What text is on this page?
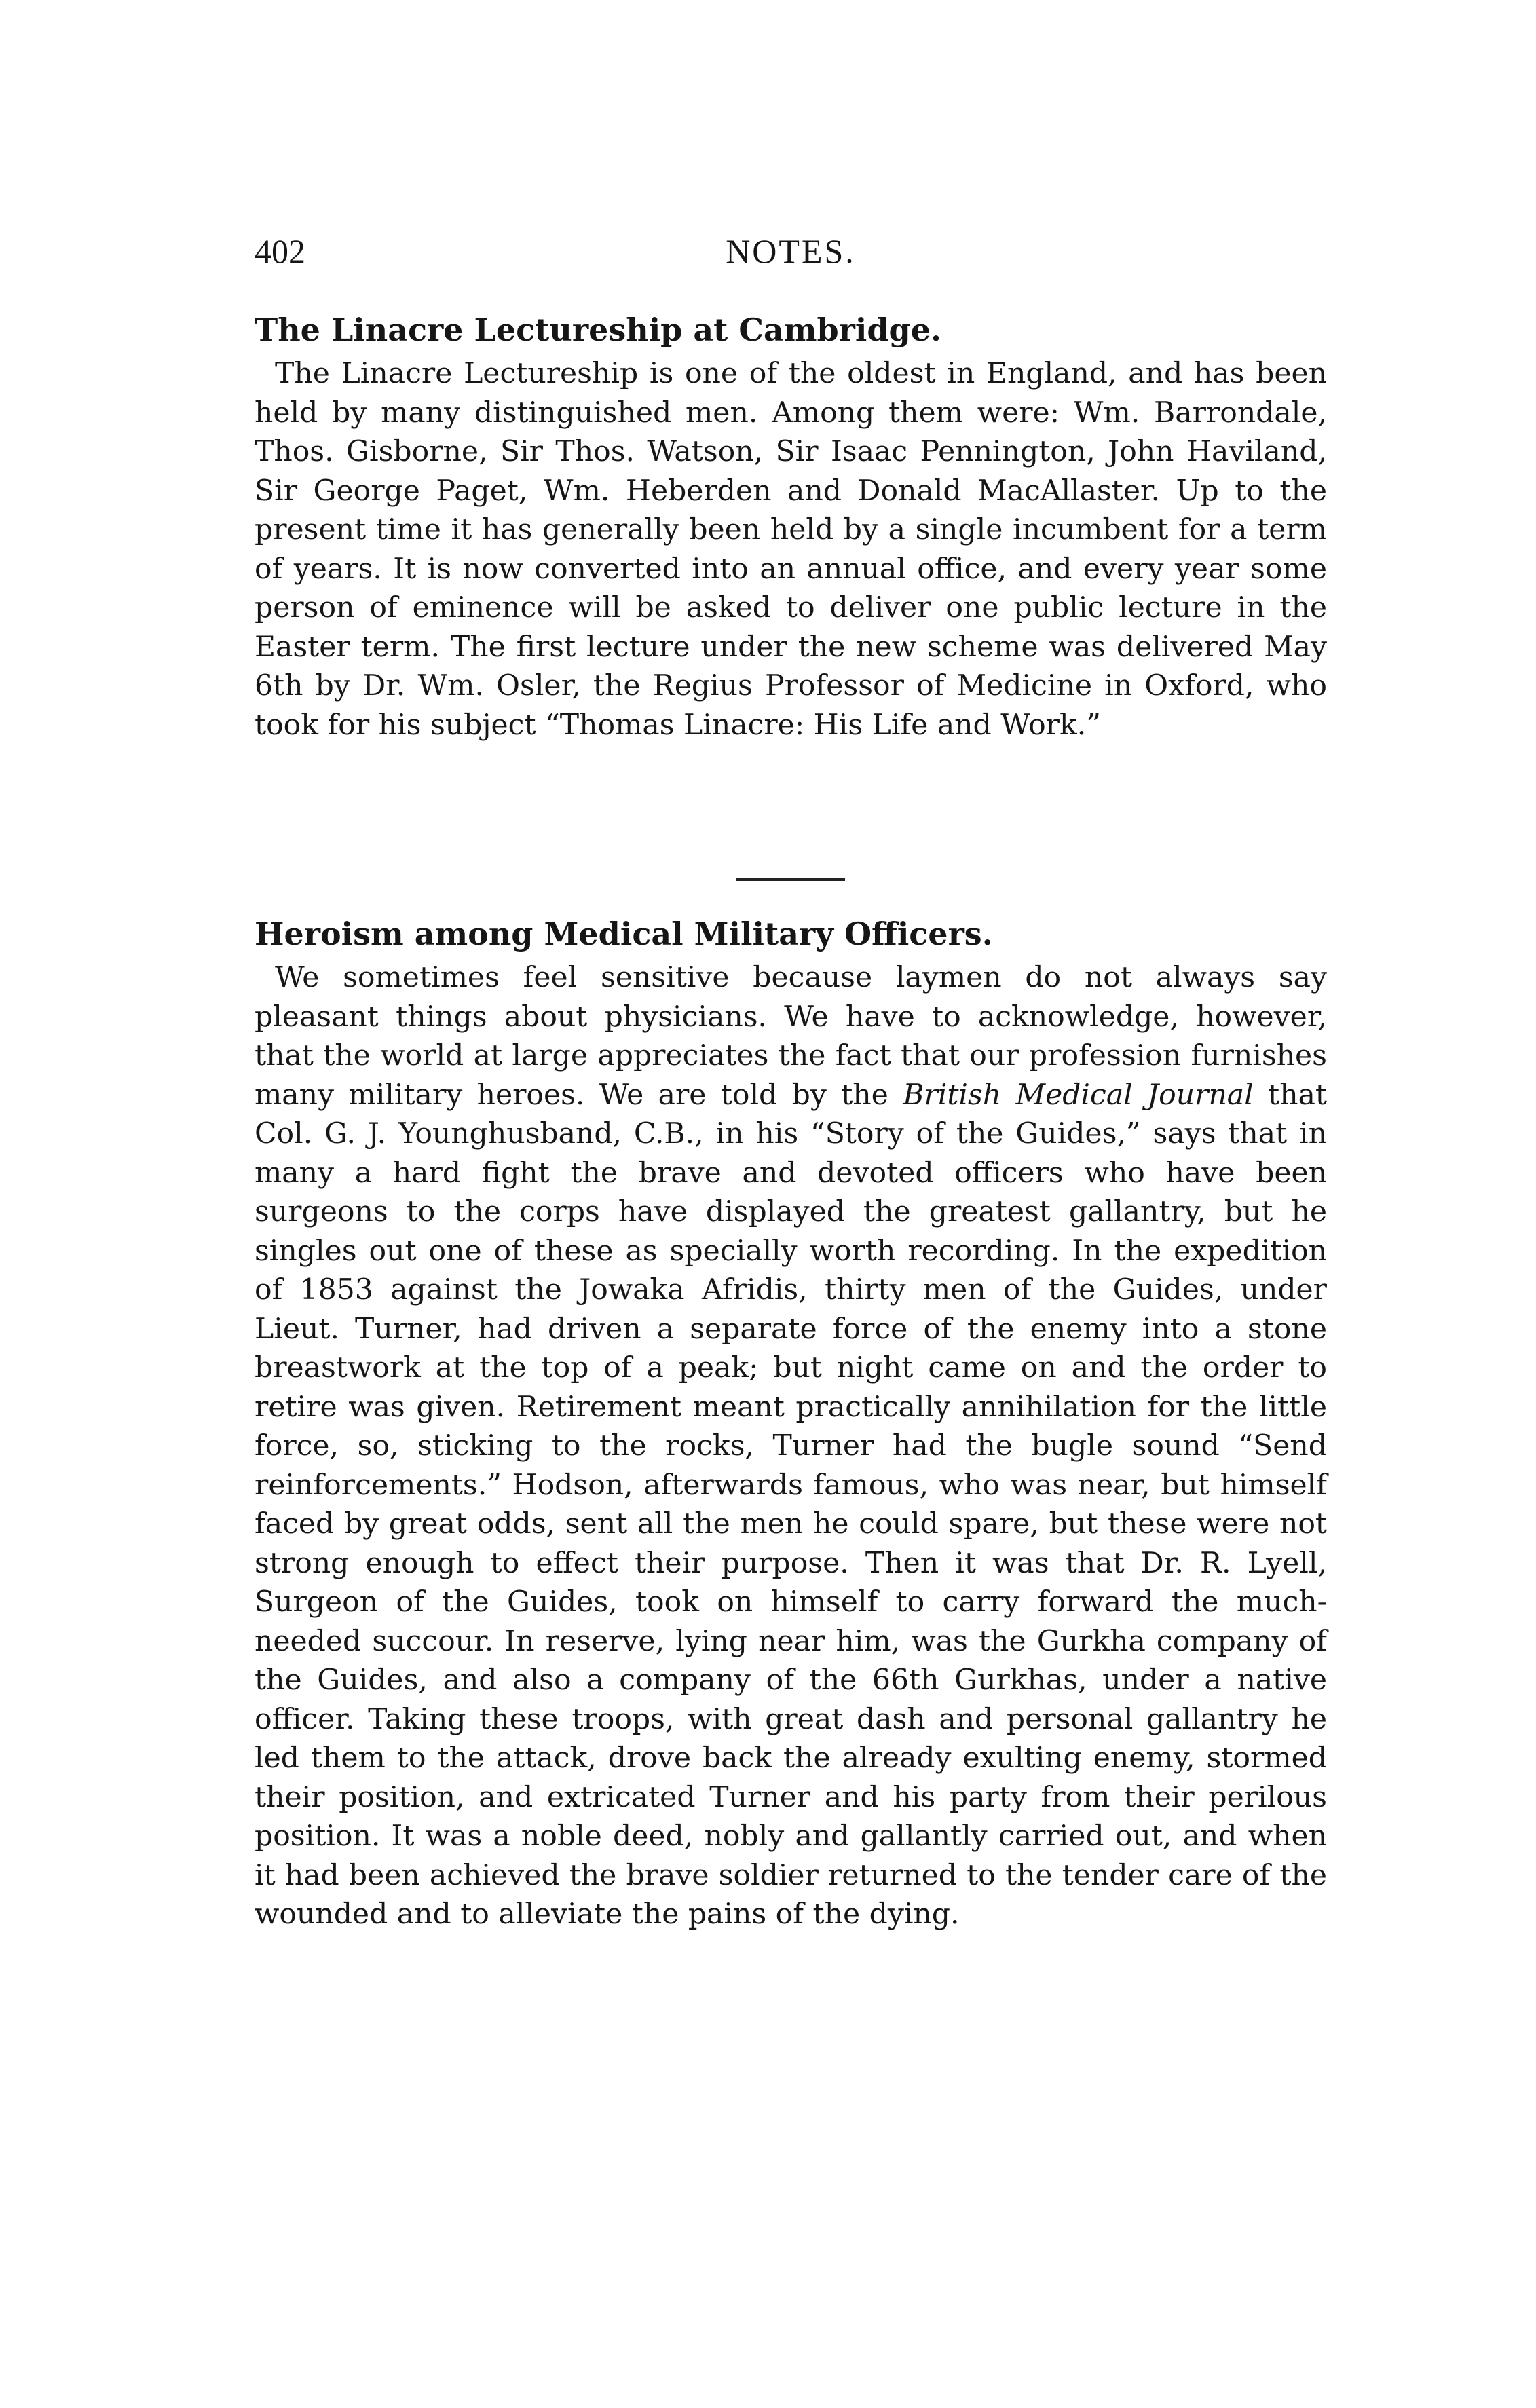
402	NOTES.
The Linacre Lectureship at Cambridge.

The Linacre Lectureship is one of the oldest in England, and has been held by many distinguished men. Among them were: Wm. Barrondale, Thos. Gisborne, Sir Thos. Watson, Sir Isaac Pennington, John Haviland, Sir George Paget, Wm. Heberden and Donald MacAllaster. Up to the present time it has generally been held by a single incumbent for a term of years. It is now converted into an annual office, and every year some person of eminence will be asked to deliver one public lecture in the Easter term. The first lecture under the new scheme was delivered May 6th by Dr. Wm. Osler, the Regius Professor of Medicine in Oxford, who took for his subject “Thomas Linacre: His Life and Work.”

Heroism among Medical Military Officers.

We sometimes feel sensitive because laymen do not always say pleasant things about physicians. We have to acknowledge, however, that the world at large appreciates the fact that our profession furnishes many military heroes. We are told by the British Medical Journal that Col. G. J. Younghusband, C.B., in his “Story of the Guides,” says that in many a hard fight the brave and devoted officers who have been surgeons to the corps have displayed the greatest gallantry, but he singles out one of these as specially worth recording. In the expedition of 1853 against the Jowaka Afridis, thirty men of the Guides, under Lieut. Turner, had driven a separate force of the enemy into a stone breastwork at the top of a peak; but night came on and the order to retire was given. Retirement meant practically annihilation for the little force, so, sticking to the rocks, Turner had the bugle sound “Send reinforcements.” Hodson, afterwards famous, who was near, but himself faced by great odds, sent all the men he could spare, but these were not strong enough to effect their purpose. Then it was that Dr. R. Lyell, Surgeon of the Guides, took on himself to carry forward the much-needed succour. In reserve, lying near him, was the Gurkha company of the Guides, and also a company of the 66th Gurkhas, under a native officer. Taking these troops, with great dash and personal gallantry he led them to the attack, drove back the already exulting enemy, stormed their position, and extricated Turner and his party from their perilous position. It was a noble deed, nobly and gallantly carried out, and when it had been achieved the brave soldier returned to the tender care of the wounded and to alleviate the pains of the dying.
